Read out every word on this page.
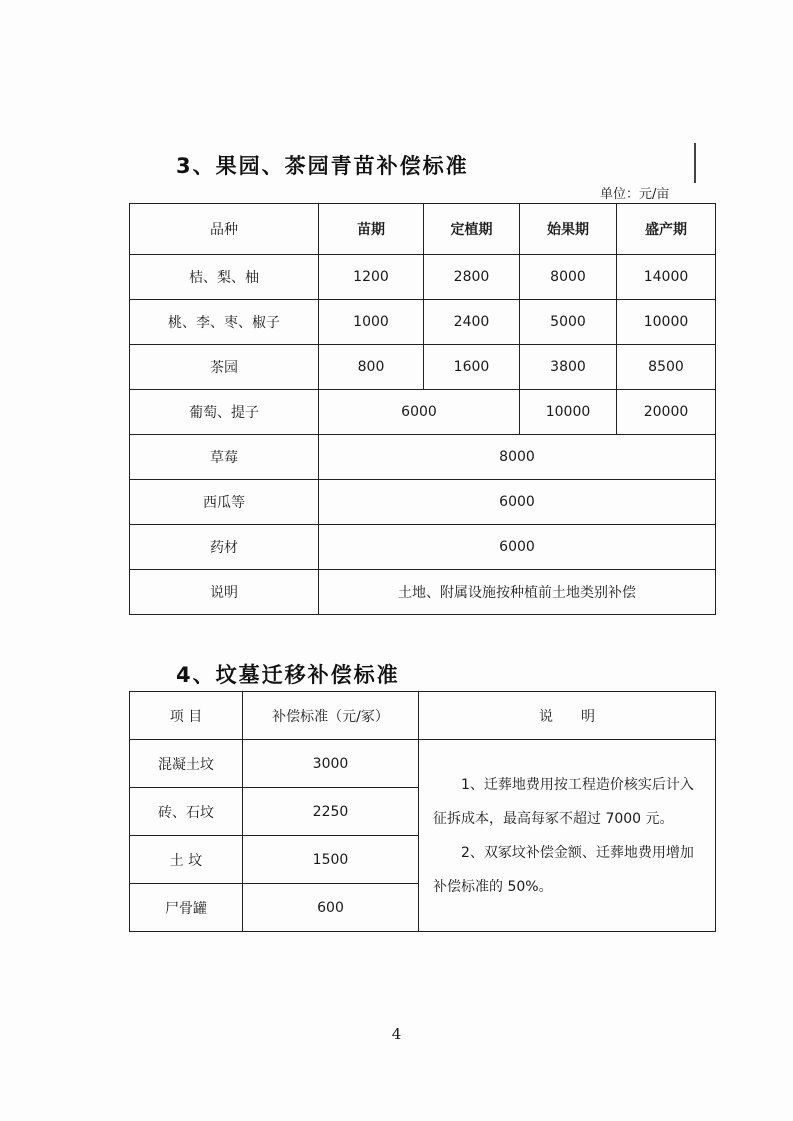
3、果园、茶园青苗补偿标准
单位：元/亩
品种	苗期	定植期	始果期	盛产期
桔、梨、柚	1200	2800	8000	14000
桃、李、枣、椒子	1000	2400	5000	10000
茶园	800	1600	3800	8500
葡萄、提子	6000		10000	20000
草莓	8000			
西瓜等	6000			
药材	6000			
说明	土地、附属设施按种植前土地类别补偿			
4、坟墓迁移补偿标准
项 目	补偿标准（元/冢）	说　　明
混凝土坟	3000	1、迁葬地费用按工程造价核实后计入征拆成本，最高每冢不超过 7000 元。

2、双冢坟补偿金额、迁葬地费用增加补偿标准的 50%。

砖、石坟	2250	
土 坟	1500	
尸骨罐	600	
4
